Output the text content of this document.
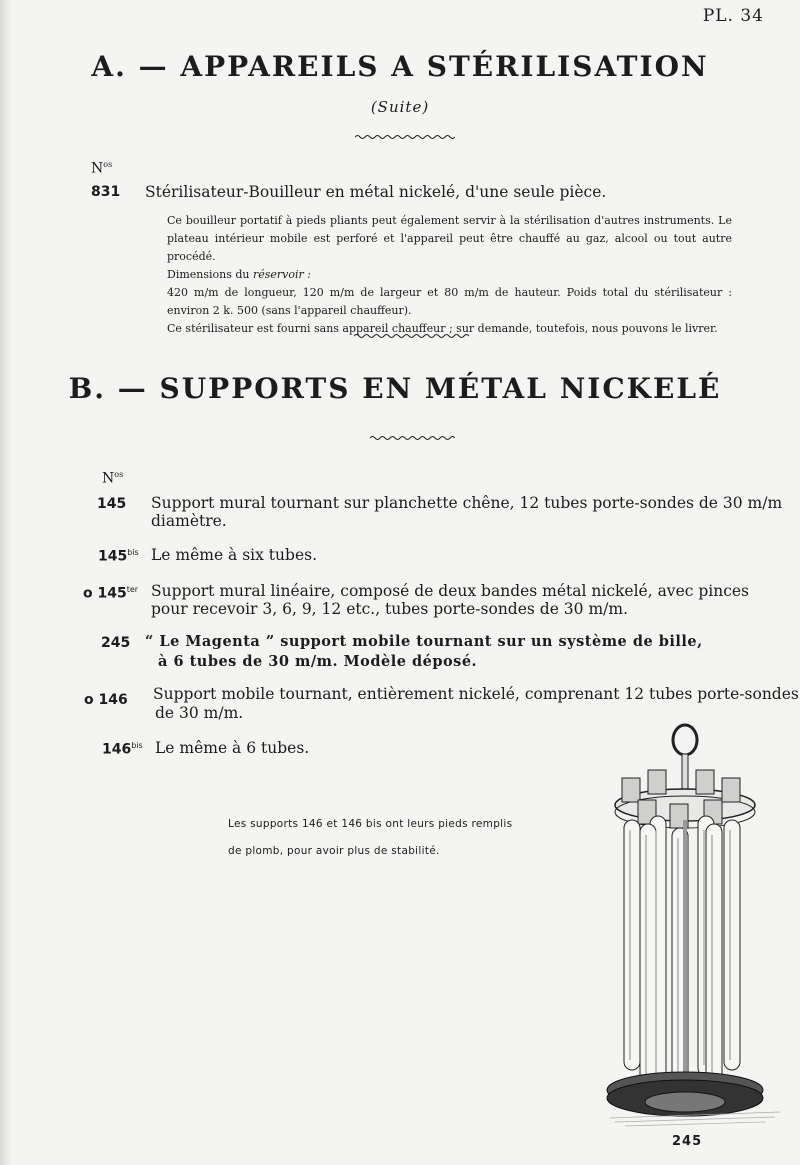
PL. 34
A. — APPAREILS A STÉRILISATION
(Suite)
$N^{os}$
831 Stérilisateur-Bouilleur en métal nickelé, d'une seule pièce.

Ce bouilleur portatif à pieds pliants peut également servir à la stérilisation d'autres instruments. Le plateau intérieur mobile est perforé et l'appareil peut être chauffé au gaz, alcool ou tout autre procédé.

Dimensions du réservoir :

420 m/m de longueur, 120 m/m de largeur et 80 m/m de hauteur. Poids total du stérilisateur : environ 2 k. 500 (sans l'appareil chauffeur).

Ce stérilisateur est fourni sans appareil chauffeur ; sur demande, toutefois, nous pouvons le livrer.

B. — SUPPORTS EN MÉTAL NICKELÉ
$N^{os}$
145 Support mural tournant sur planchette chêne, 12 tubes porte-sondes de 30 m/m
diamètre.
$145^{bis}$ Le même à six tubes.
o $145^{ter}$ Support mural linéaire, composé de deux bandes métal nickelé, avec pinces
pour recevoir 3, 6, 9, 12 etc., tubes porte-sondes de 30 m/m.
245 “ Le Magenta ” support mobile tournant sur un système de bille,
à 6 tubes de 30 m/m. Modèle déposé.
o 146 Support mobile tournant, entièrement nickelé, comprenant 12 tubes porte-sondes
de 30 m/m.
$146^{bis}$ Le même à 6 tubes.
Les supports 146 et 146 bis ont leurs pieds remplis
de plomb, pour avoir plus de stabilité.
245
